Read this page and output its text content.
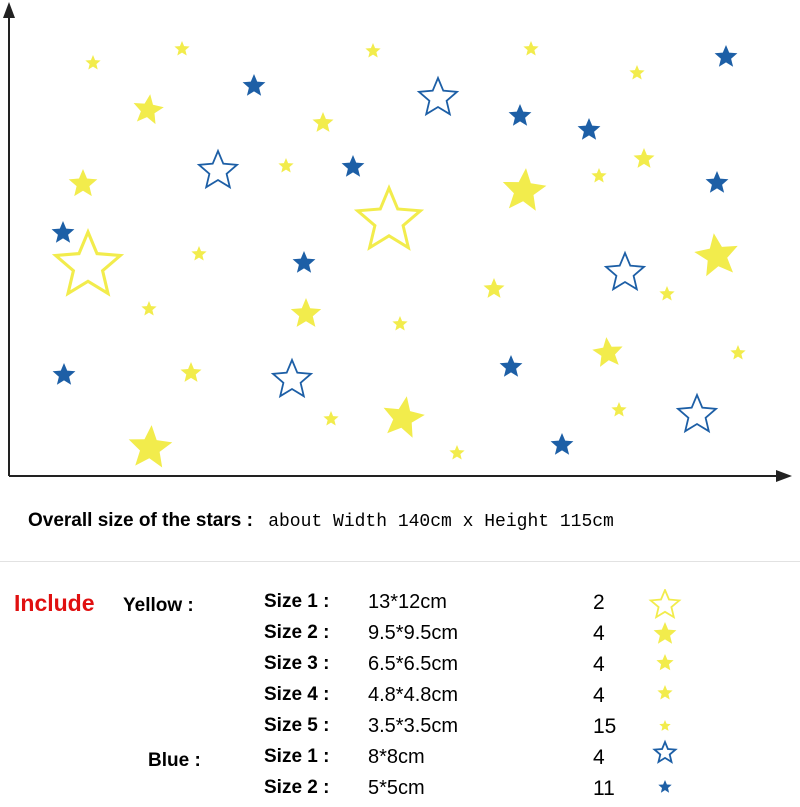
Overall size of the stars : about Width 140cm x Height 115cm
Include Yellow :
Blue :
Size 1 : 13*12cm	2
Size 2 : 9.5*9.5cm	4
Size 3 : 6.5*6.5cm	4
Size 4 : 4.8*4.8cm	4
Size 5 : 3.5*3.5cm	15
Size 1 : 8*8cm	4
Size 2 : 5*5cm	11
